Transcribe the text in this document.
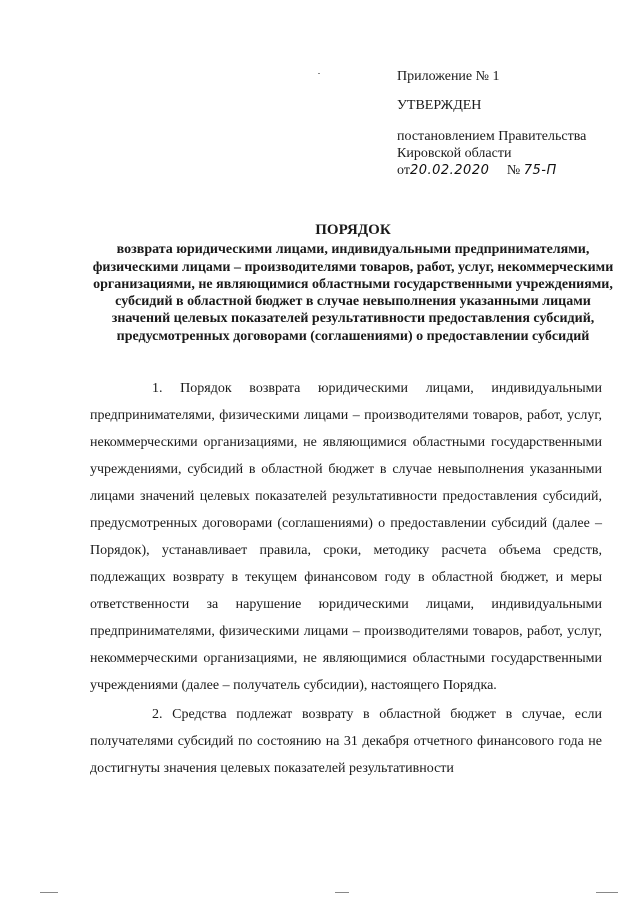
Приложение № 1
УТВЕРЖДЕН
постановлением Правительства
Кировской области
от20.02.2020 № 75-П
ПОРЯДОК
возврата юридическими лицами, индивидуальными предпринимателями, физическими лицами – производителями товаров, работ, услуг, некоммерческими организациями, не являющимися областными государственными учреждениями, субсидий в областной бюджет в случае невыполнения указанными лицами значений целевых показателей результативности предоставления субсидий, предусмотренных договорами (соглашениями) о предоставлении субсидий

1. Порядок возврата юридическими лицами, индивидуальными предпринимателями, физическими лицами – производителями товаров, работ, услуг, некоммерческими организациями, не являющимися областными государственными учреждениями, субсидий в областной бюджет в случае невыполнения указанными лицами значений целевых показателей результативности предоставления субсидий, предусмотренных договорами (соглашениями) о предоставлении субсидий (далее – Порядок), устанавливает правила, сроки, методику расчета объема средств, подлежащих возврату в текущем финансовом году в областной бюджет, и меры ответственности за нарушение юридическими лицами, индивидуальными предпринимателями, физическими лицами – производителями товаров, работ, услуг, некоммерческими организациями, не являющимися областными государственными учреждениями (далее – получатель субсидии), настоящего Порядка.

2. Средства подлежат возврату в областной бюджет в случае, если получателями субсидий по состоянию на 31 декабря отчетного финансового года не достигнуты значения целевых показателей результативности
